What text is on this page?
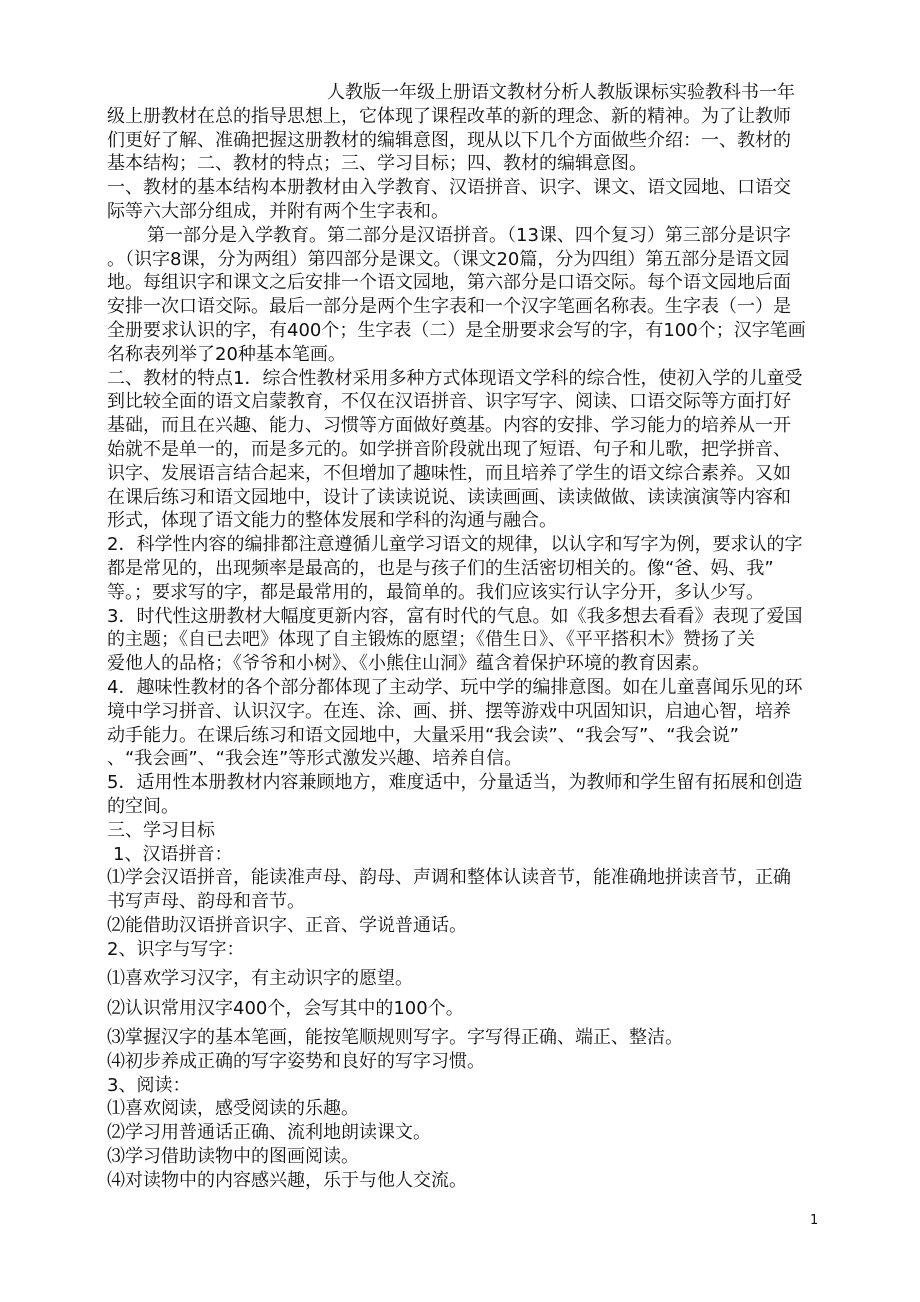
人教版一年级上册语文教材分析人教版课标实验教科书一年
级上册教材在总的指导思想上，它体现了课程改革的新的理念、新的精神。为了让教师
们更好了解、准确把握这册教材的编辑意图，现从以下几个方面做些介绍：一、教材的
基本结构；二、教材的特点；三、学习目标；四、教材的编辑意图。
一、教材的基本结构本册教材由入学教育、汉语拼音、识字、课文、语文园地、口语交
际等六大部分组成，并附有两个生字表和。
第一部分是入学教育。第二部分是汉语拼音。（13课、四个复习）第三部分是识字
。（识字8课，分为两组）第四部分是课文。（课文20篇，分为四组）第五部分是语文园
地。每组识字和课文之后安排一个语文园地，第六部分是口语交际。每个语文园地后面
安排一次口语交际。最后一部分是两个生字表和一个汉字笔画名称表。生字表（一）是
全册要求认识的字，有400个；生字表（二）是全册要求会写的字，有100个；汉字笔画
名称表列举了20种基本笔画。
二、教材的特点1．综合性教材采用多种方式体现语文学科的综合性，使初入学的儿童受
到比较全面的语文启蒙教育，不仅在汉语拼音、识字写字、阅读、口语交际等方面打好
基础，而且在兴趣、能力、习惯等方面做好奠基。内容的安排、学习能力的培养从一开
始就不是单一的，而是多元的。如学拼音阶段就出现了短语、句子和儿歌，把学拼音、
识字、发展语言结合起来，不但增加了趣味性，而且培养了学生的语文综合素养。又如
在课后练习和语文园地中，设计了读读说说、读读画画、读读做做、读读演演等内容和
形式，体现了语文能力的整体发展和学科的沟通与融合。
2．科学性内容的编排都注意遵循儿童学习语文的规律，以认字和写字为例，要求认的字
都是常见的，出现频率是最高的，也是与孩子们的生活密切相关的。像“爸、妈、我”
等。；要求写的字，都是最常用的，最简单的。我们应该实行认字分开，多认少写。
3．时代性这册教材大幅度更新内容，富有时代的气息。如《我多想去看看》表现了爱国
的主题；《自已去吧》体现了自主锻炼的愿望；《借生日》、《平平搭积木》赞扬了关
爱他人的品格；《爷爷和小树》、《小熊住山洞》蕴含着保护环境的教育因素。
4．趣味性教材的各个部分都体现了主动学、玩中学的编排意图。如在儿童喜闻乐见的环
境中学习拼音、认识汉字。在连、涂、画、拼、摆等游戏中巩固知识，启迪心智，培养
动手能力。在课后练习和语文园地中，大量采用“我会读”、“我会写”、“我会说”
、“我会画”、“我会连”等形式激发兴趣、培养自信。
5．适用性本册教材内容兼顾地方，难度适中，分量适当，为教师和学生留有拓展和创造
的空间。
三、学习目标
1、汉语拼音：
⑴学会汉语拼音，能读准声母、韵母、声调和整体认读音节，能准确地拼读音节，正确
书写声母、韵母和音节。
⑵能借助汉语拼音识字、正音、学说普通话。
2、识字与写字：
⑴喜欢学习汉字，有主动识字的愿望。
⑵认识常用汉字400个，会写其中的100个。
⑶掌握汉字的基本笔画，能按笔顺规则写字。字写得正确、端正、整洁。
⑷初步养成正确的写字姿势和良好的写字习惯。
3、阅读：
⑴喜欢阅读，感受阅读的乐趣。
⑵学习用普通话正确、流利地朗读课文。
⑶学习借助读物中的图画阅读。
⑷对读物中的内容感兴趣，乐于与他人交流。
1
